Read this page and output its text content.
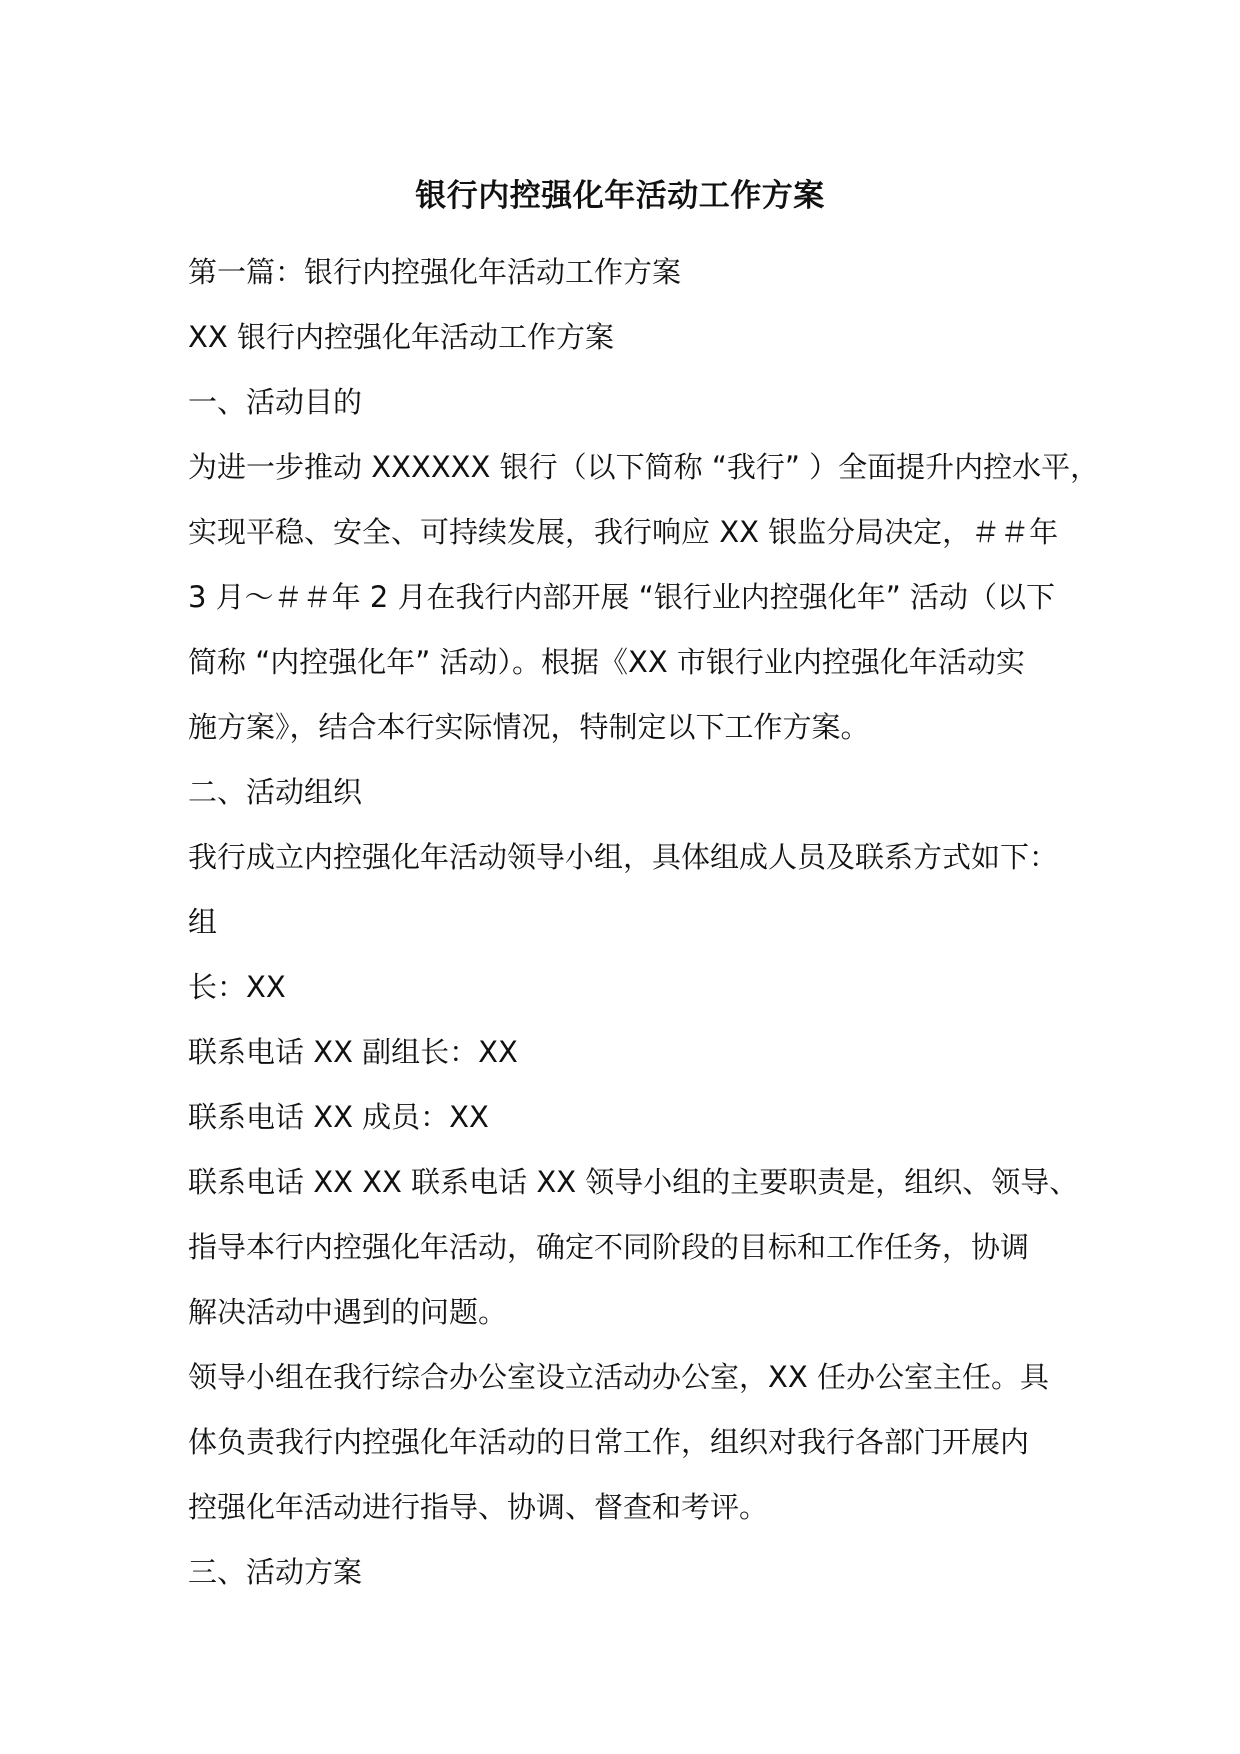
银行内控强化年活动工作方案
第一篇：银行内控强化年活动工作方案
XX 银行内控强化年活动工作方案
一、活动目的
为进一步推动 XXXXXX 银行（以下简称 “我行” ）全面提升内控水平，
实现平稳、安全、可持续发展，我行响应 XX 银监分局决定，＃＃年
3 月～＃＃年 2 月在我行内部开展 “银行业内控强化年” 活动（以下
简称 “内控强化年” 活动）。根据《XX 市银行业内控强化年活动实
施方案》，结合本行实际情况，特制定以下工作方案。
二、活动组织
我行成立内控强化年活动领导小组，具体组成人员及联系方式如下：
组
长：XX
联系电话 XX 副组长：XX
联系电话 XX 成员：XX
联系电话 XX XX 联系电话 XX 领导小组的主要职责是，组织、领导、
指导本行内控强化年活动，确定不同阶段的目标和工作任务，协调
解决活动中遇到的问题。
领导小组在我行综合办公室设立活动办公室，XX 任办公室主任。具
体负责我行内控强化年活动的日常工作，组织对我行各部门开展内
控强化年活动进行指导、协调、督查和考评。
三、活动方案
